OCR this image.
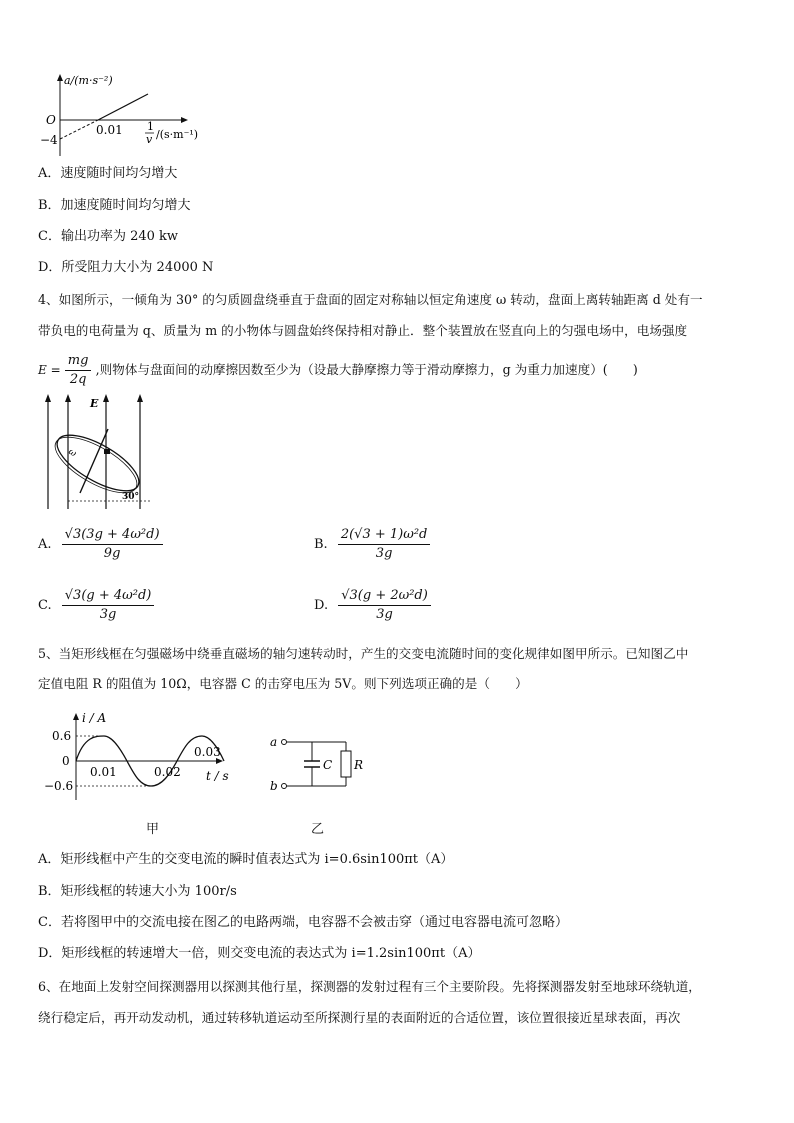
a/(m·s⁻²)
O
−4
0.01 1
v /(s·m⁻¹)
A．速度随时间均匀增大
B．加速度随时间均匀增大
C．输出功率为 240 kw
D．所受阻力大小为 24000 N
4、如图所示，一倾角为 30° 的匀质圆盘绕垂直于盘面的固定对称轴以恒定角速度 ω 转动，盘面上离转轴距离 d 处有一
带负电的电荷量为 q、质量为 m 的小物体与圆盘始终保持相对静止．整个装置放在竖直向上的匀强电场中，电场强度
$E = \frac{mg}{2q}$ ,则物体与盘面间的动摩擦因数至少为（设最大静摩擦力等于滑动摩擦力，g 为重力加速度）(　　)
E
ω
30°
A. $\frac{\text{√3(3g + 4ω²d)}}{9g}$	B. $\frac{\text{2(√3 + 1)ω²d}}{3g}$
C. $\frac{\text{√3(g + 4ω²d)}}{3g}$	D. $\frac{\text{√3(g + 2ω²d)}}{3g}$
5、当矩形线框在匀强磁场中绕垂直磁场的轴匀速转动时，产生的交变电流随时间的变化规律如图甲所示。已知图乙中
定值电阻 R 的阻值为 10Ω，电容器 C 的击穿电压为 5V。则下列选项正确的是（　　）
i / A
0.6
0
−0.6
0.01	0.02
0.03
t / s
a
b
C R
甲	乙
A．矩形线框中产生的交变电流的瞬时值表达式为 i=0.6sin100πt（A）
B．矩形线框的转速大小为 100r/s
C．若将图甲中的交流电接在图乙的电路两端，电容器不会被击穿（通过电容器电流可忽略）
D．矩形线框的转速增大一倍，则交变电流的表达式为 i=1.2sin100πt（A）
6、在地面上发射空间探测器用以探测其他行星，探测器的发射过程有三个主要阶段。先将探测器发射至地球环绕轨道，
绕行稳定后，再开动发动机，通过转移轨道运动至所探测行星的表面附近的合适位置，该位置很接近星球表面，再次
